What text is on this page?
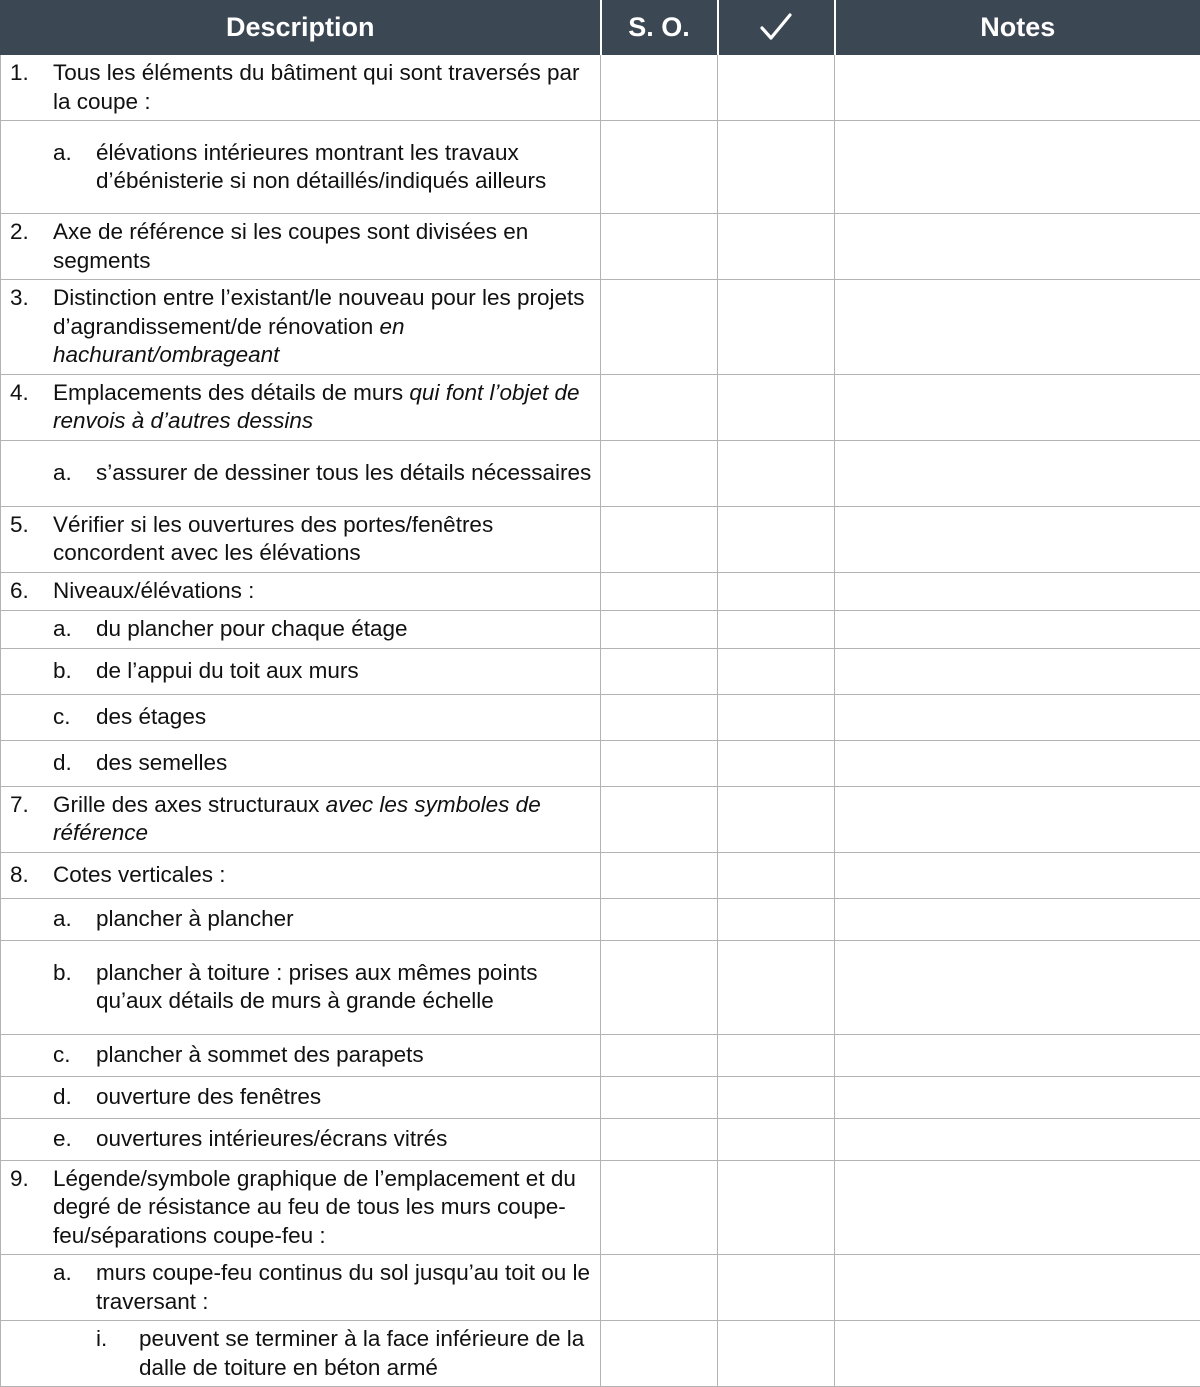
Description	S. O.		Notes

1. Tous les éléments du bâtiment qui sont traversés par la coupe :			

a. élévations intérieures montrant les travaux d’ébénisterie si non détaillés/indiqués ailleurs			

2. Axe de référence si les coupes sont divisées en segments			

3. Distinction entre l’existant/le nouveau pour les projets d’agrandissement/de rénovation en hachurant/ombrageant			

4. Emplacements des détails de murs qui font l’objet de renvois à d’autres dessins			

a. s’assurer de dessiner tous les détails nécessaires			

5. Vérifier si les ouvertures des portes/fenêtres concordent avec les élévations			

6. Niveaux/élévations :			

a. du plancher pour chaque étage			

b. de l’appui du toit aux murs			

c. des étages			

d. des semelles			

7. Grille des axes structuraux avec les symboles de référence			

8. Cotes verticales :			

a. plancher à plancher			

b. plancher à toiture : prises aux mêmes points qu’aux détails de murs à grande échelle			

c. plancher à sommet des parapets			

d. ouverture des fenêtres			

e. ouvertures intérieures/écrans vitrés			

9. Légende/symbole graphique de l’emplacement et du degré de résistance au feu de tous les murs coupe-feu/séparations coupe-feu :			

a. murs coupe-feu continus du sol jusqu’au toit ou le traversant :			

i. peuvent se terminer à la face inférieure de la dalle de toiture en béton armé			
